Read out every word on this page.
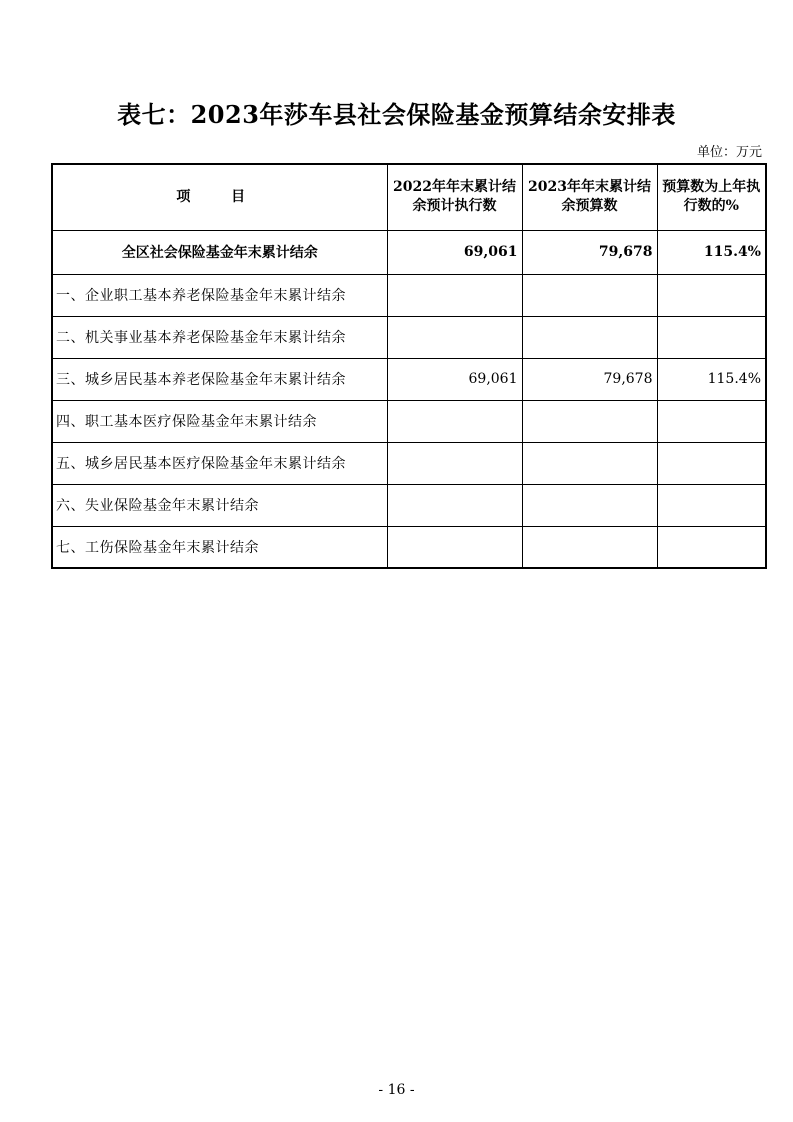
表七：2023年莎车县社会保险基金预算结余安排表
单位：万元
项 目	2022年年末累计结余预计执行数	2023年年末累计结余预算数	预算数为上年执行数的%
全区社会保险基金年末累计结余	69,061	79,678	115.4%
一、企业职工基本养老保险基金年末累计结余			
二、机关事业基本养老保险基金年末累计结余			
三、城乡居民基本养老保险基金年末累计结余	69,061	79,678	115.4%
四、职工基本医疗保险基金年末累计结余			
五、城乡居民基本医疗保险基金年末累计结余			
六、失业保险基金年末累计结余			
七、工伤保险基金年末累计结余			
- 16 -
